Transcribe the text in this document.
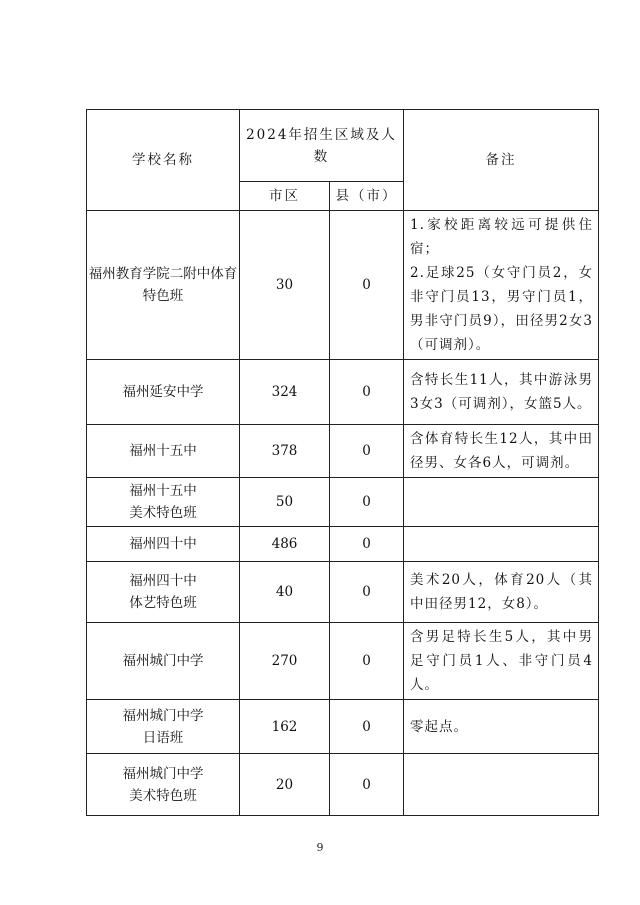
学校名称	2024年招生区域及人数		备注
	市区	县（市）	
福州教育学院二附中体育特色班	30	0	1.家校距离较远可提供住宿；
2.足球25（女守门员2，女非守门员13，男守门员1，男非守门员9），田径男2女3（可调剂）。
福州延安中学	324	0	含特长生11人，其中游泳男3女3（可调剂），女篮5人。
福州十五中	378	0	含体育特长生12人，其中田径男、女各6人，可调剂。
福州十五中
美术特色班	50	0	
福州四十中	486	0	
福州四十中
体艺特色班	40	0	美术20人，体育20人（其中田径男12，女8）。
福州城门中学	270	0	含男足特长生5人，其中男足守门员1人、非守门员4人。
福州城门中学
日语班	162	0	零起点。
福州城门中学
美术特色班	20	0	
9
